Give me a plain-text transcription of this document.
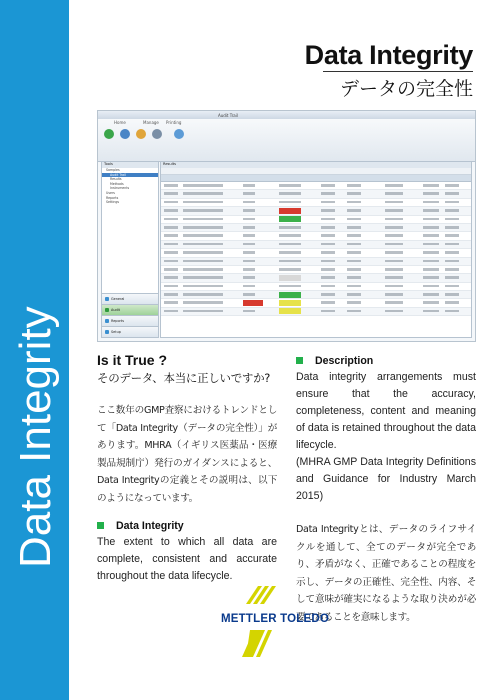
Data Integrity
Data Integrity
データの完全性
Audit Trail
Home	Manage Printing

Tools
Samples
Audit Trail
Results
Methods
Instruments
Users
Reports
Settings
General
Audit
Reports
Setup
Results

Is it True ?

そのデータ、本当に正しいですか?

ここ数年のGMP査察におけるトレンドとして「Data Integrity（データの完全性）」があります。MHRA（イギリス医薬品・医療製品規制庁）発行のガイダンスによると、Data Integrityの定義とその説明は、以下のようになっています。

Data Integrity

The extent to which all data are complete, consistent and accurate throughout the data lifecycle.

Description

Data integrity arrangements must ensure that the accuracy, completeness, content and meaning of data is retained throughout the data lifecycle.

(MHRA GMP Data Integrity Definitions and Guidance for Industry March 2015)

Data Integrityとは、データのライフサイクルを通して、全てのデータが完全であり、矛盾がなく、正確であることの程度を示し、データの正確性、完全性、内容、そして意味が確実になるような取り決めが必要であることを意味します。

METTLER TOLEDO
